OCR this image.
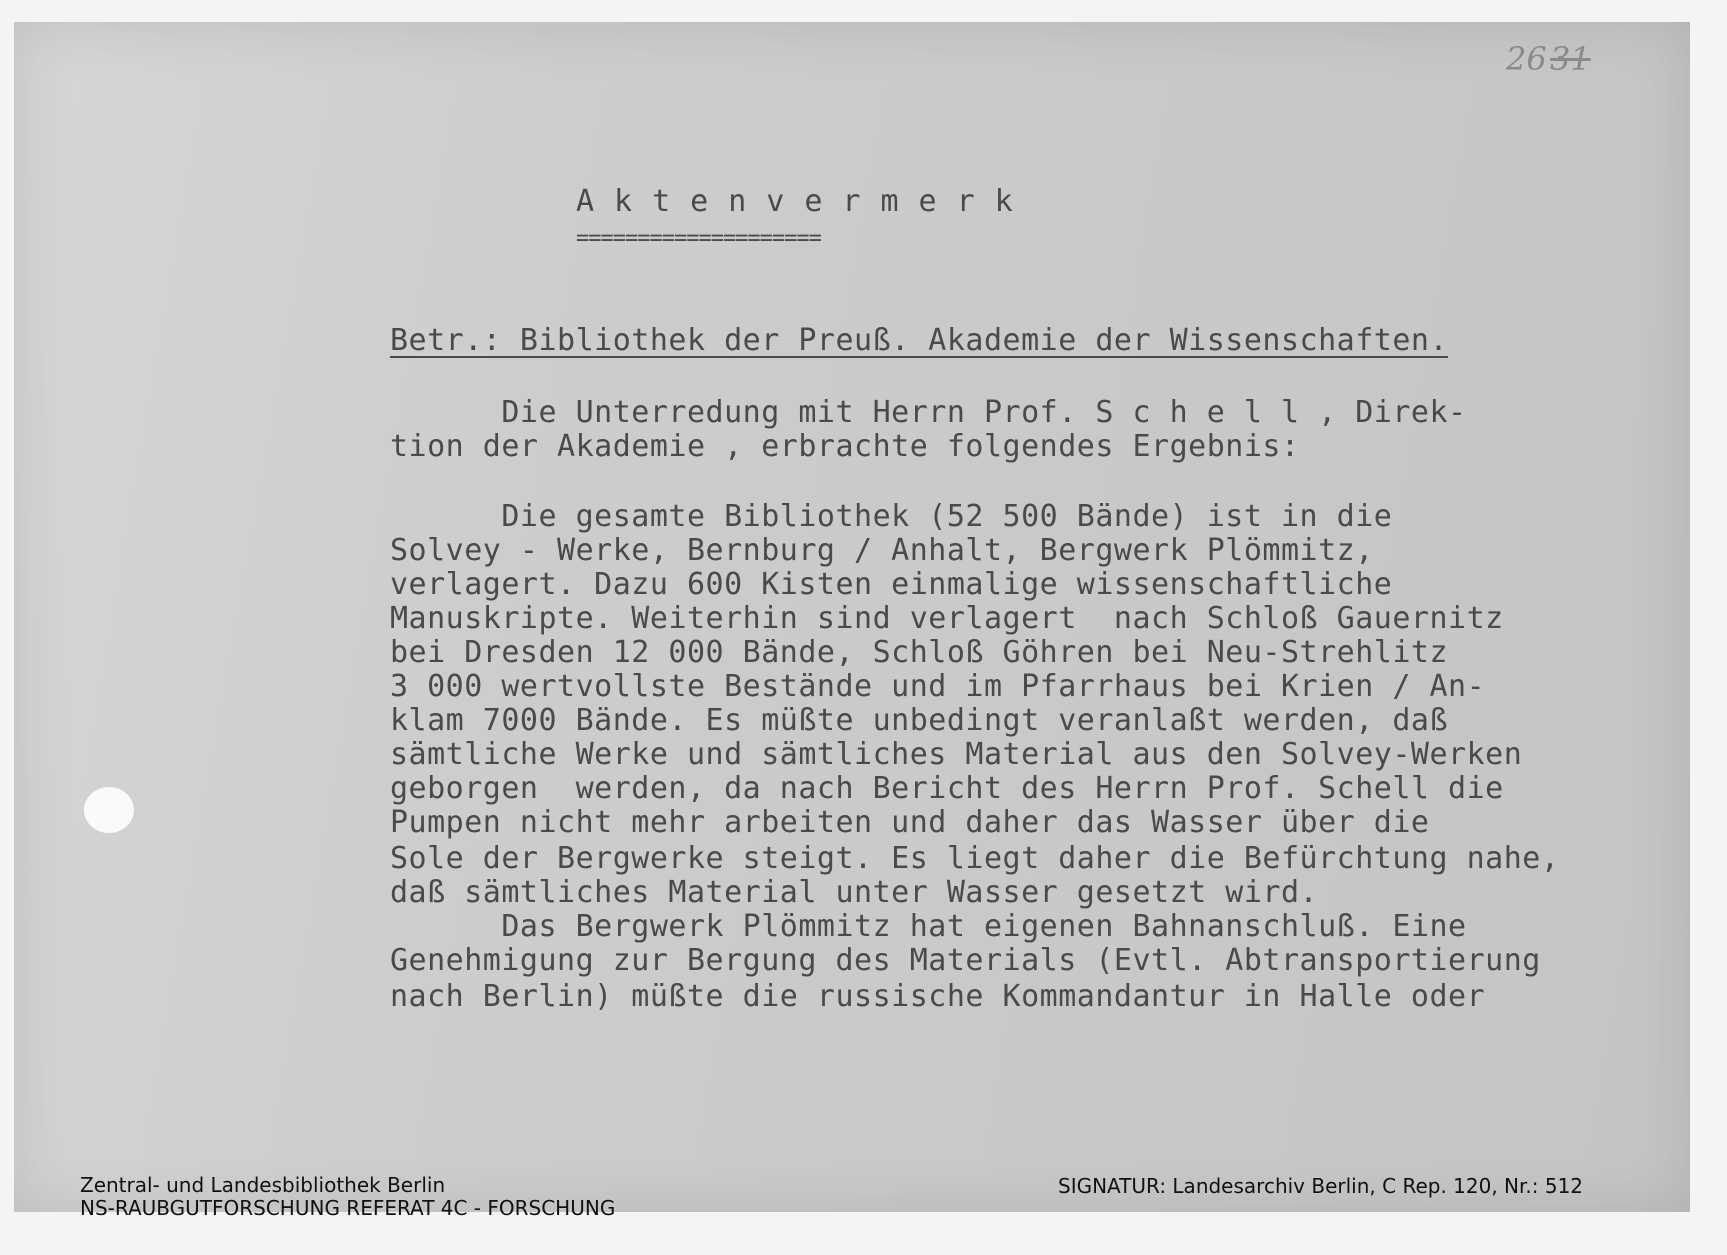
26 31
Aktenvermerk
====================
Betr.: Bibliothek der Preuß. Akademie der Wissenschaften.
Die Unterredung mit Herrn Prof. S c h e l l , Direk-
tion der Akademie , erbrachte folgendes Ergebnis:
Die gesamte Bibliothek (52 500 Bände) ist in die
Solvey - Werke, Bernburg / Anhalt, Bergwerk Plömmitz,
verlagert. Dazu 600 Kisten einmalige wissenschaftliche
Manuskripte. Weiterhin sind verlagert  nach Schloß Gauernitz
bei Dresden 12 000 Bände, Schloß Göhren bei Neu-Strehlitz
3 000 wertvollste Bestände und im Pfarrhaus bei Krien / An-
klam 7000 Bände. Es müßte unbedingt veranlaßt werden, daß
sämtliche Werke und sämtliches Material aus den Solvey-Werken
geborgen  werden, da nach Bericht des Herrn Prof. Schell die
Pumpen nicht mehr arbeiten und daher das Wasser über die
Sole der Bergwerke steigt. Es liegt daher die Befürchtung nahe,
daß sämtliches Material unter Wasser gesetzt wird.
Das Bergwerk Plömmitz hat eigenen Bahnanschluß. Eine
Genehmigung zur Bergung des Materials (Evtl. Abtransportierung
nach Berlin) müßte die russische Kommandantur in Halle oder
Zentral- und Landesbibliothek Berlin
NS-RAUBGUTFORSCHUNG REFERAT 4C - FORSCHUNG
SIGNATUR: Landesarchiv Berlin, C Rep. 120, Nr.: 512
